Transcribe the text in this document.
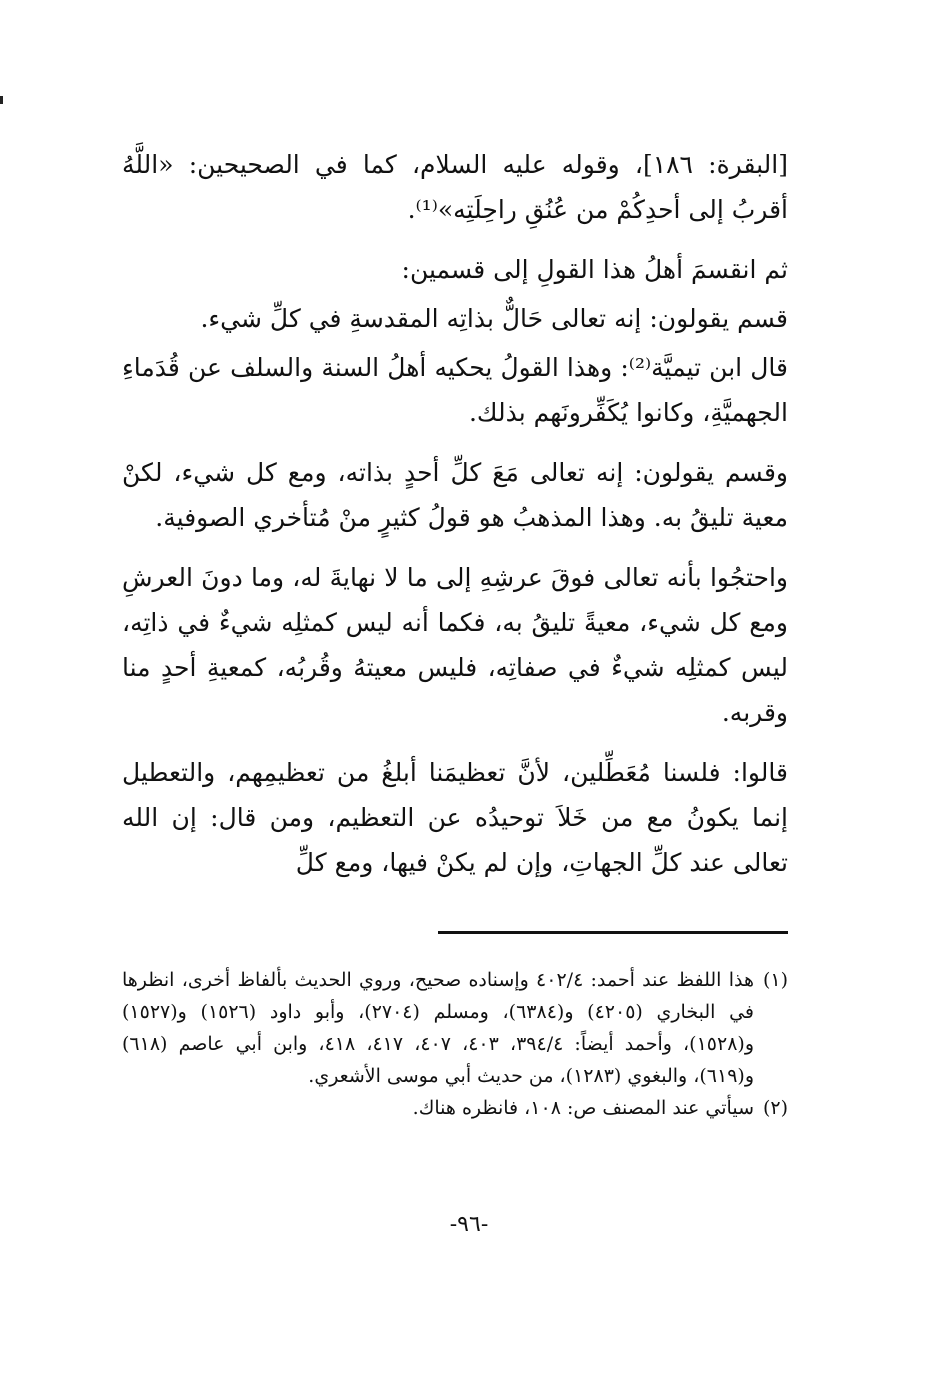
[البقرة: ١٨٦]، وقوله عليه السلام، كما في الصحيحين: «اللَّهُ أقربُ إلى أحدِكُمْ من عُنُقِ راحِلَتِه»⁽¹⁾.

ثم انقسمَ أهلُ هذا القولِ إلى قسمين:

قسم يقولون: إنه تعالى حَالٌّ بذاتِه المقدسةِ في كلِّ شيء.

قال ابن تيميَّة⁽²⁾: وهذا القولُ يحكيه أهلُ السنة والسلف عن قُدَماءِ الجهميَّةِ، وكانوا يُكَفِّرونَهم بذلك.

وقسم يقولون: إنه تعالى مَعَ كلِّ أحدٍ بذاته، ومع كل شيء، لكنْ معية تليقُ به. وهذا المذهبُ هو قولُ كثيرٍ منْ مُتأخري الصوفية.

واحتجُوا بأنه تعالى فوقَ عرشِهِ إلى ما لا نهايةَ له، وما دونَ العرشِ ومع كل شيء، معيةً تليقُ به، فكما أنه ليس كمثلِه شيءٌ في ذاتِه، ليس كمثلِه شيءٌ في صفاتِه، فليس معيتهُ وقُربُه، كمعيةِ أحدٍ منا وقربه.

قالوا: فلسنا مُعَطِّلين، لأنَّ تعظيمَنا أبلغُ من تعظيمِهم، والتعطيل إنما يكونُ مع من خَلاَ توحيدُه عن التعظيم، ومن قال: إن الله تعالى عند كلِّ الجهاتِ، وإن لم يكنْ فيها، ومع كلِّ

(١)
هذا اللفظ عند أحمد: ٤٠٢/٤ وإسناده صحيح، وروي الحديث بألفاظ أخرى، انظرها في البخاري (٤٢٠٥) و(٦٣٨٤)، ومسلم (٢٧٠٤)، وأبو داود (١٥٢٦) و(١٥٢٧) و(١٥٢٨)، وأحمد أيضاً: ٣٩٤/٤، ٤٠٣، ٤٠٧، ٤١٧، ٤١٨، وابن أبي عاصم (٦١٨) و(٦١٩)، والبغوي (١٢٨٣)، من حديث أبي موسى الأشعري.

(٢)
سيأتي عند المصنف ص: ١٠٨، فانظره هناك.

-٩٦-
